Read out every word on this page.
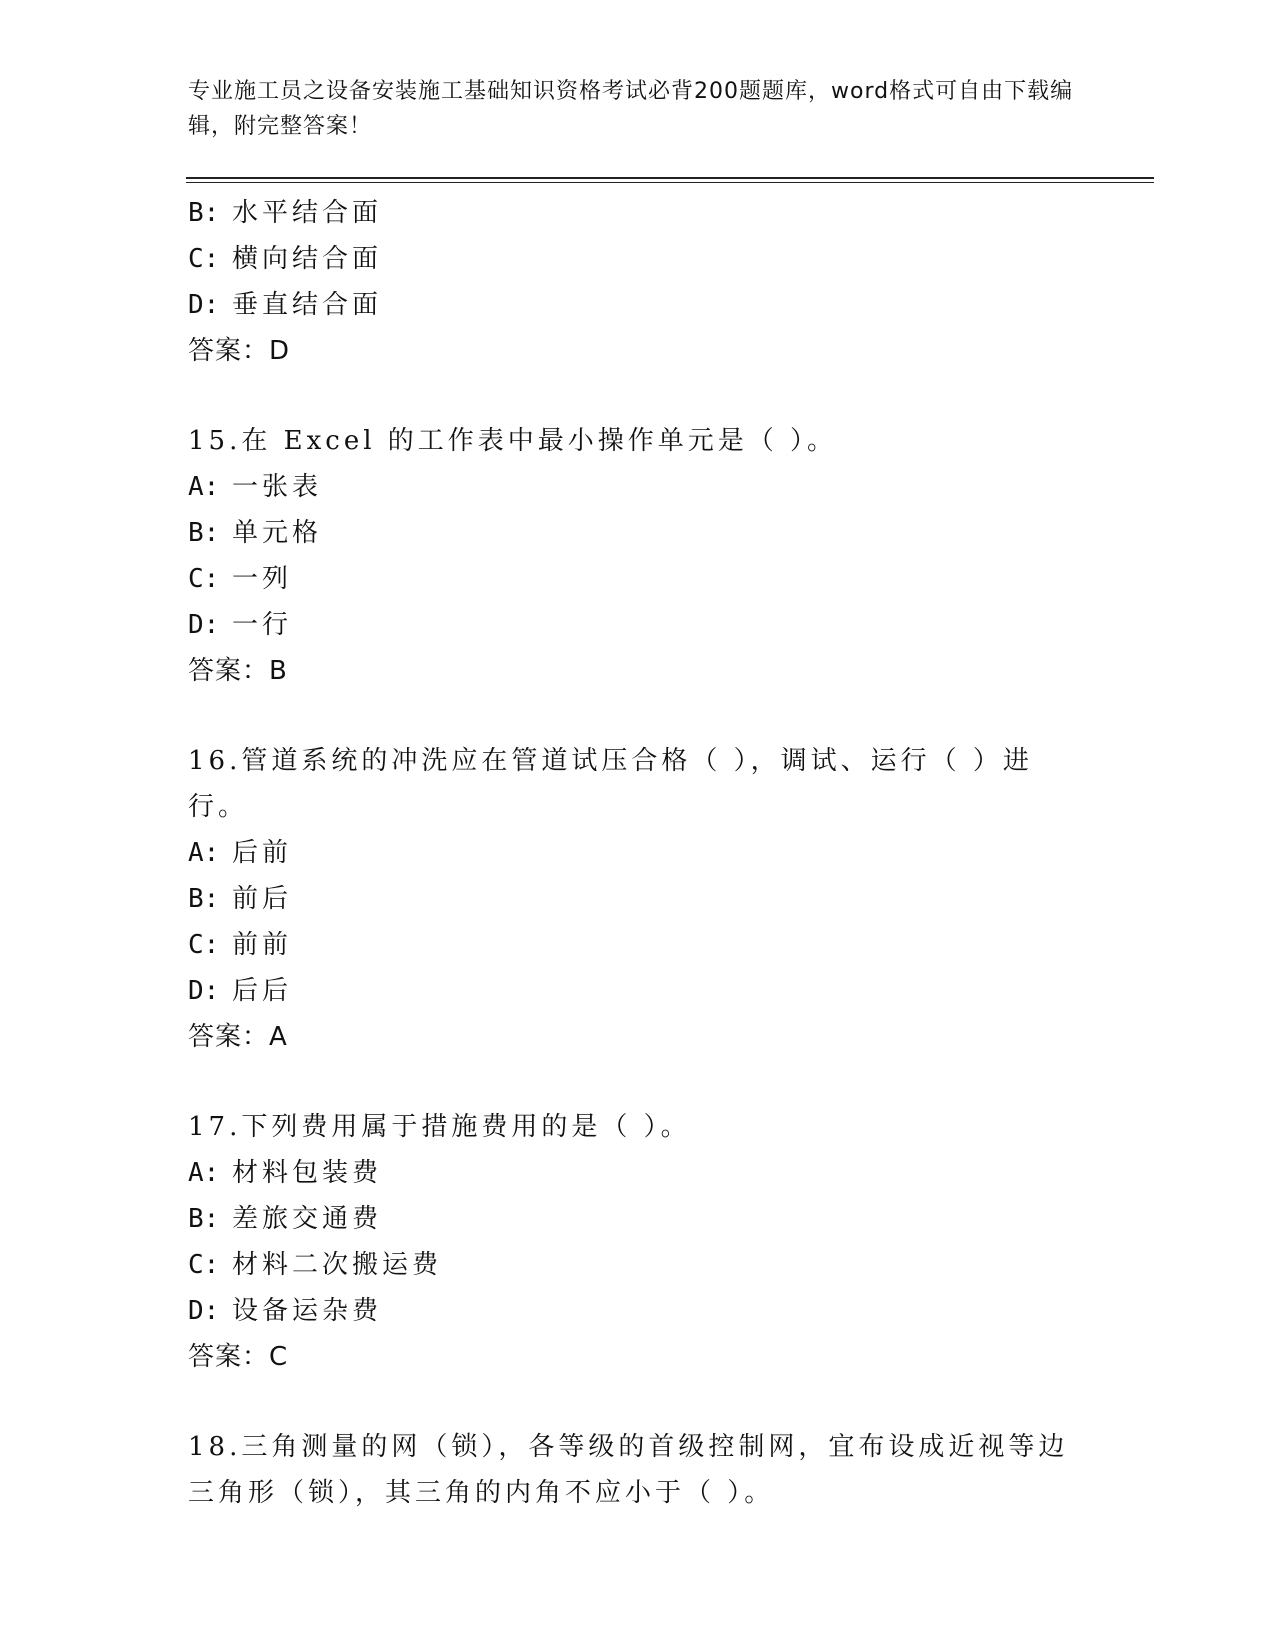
专业施工员之设备安装施工基础知识资格考试必背200题题库，word格式可自由下载编辑，附完整答案！
B: 水平结合面
C: 横向结合面
D: 垂直结合面
答案：D
15.在 Excel 的工作表中最小操作单元是（ ）。
A: 一张表
B: 单元格
C: 一列
D: 一行
答案：B
16.管道系统的冲洗应在管道试压合格（ ），调试、运行（ ）进行。
A: 后前
B: 前后
C: 前前
D: 后后
答案：A
17.下列费用属于措施费用的是（ ）。
A: 材料包装费
B: 差旅交通费
C: 材料二次搬运费
D: 设备运杂费
答案：C
18.三角测量的网（锁），各等级的首级控制网，宜布设成近视等边三角形（锁），其三角的内角不应小于（ ）。
